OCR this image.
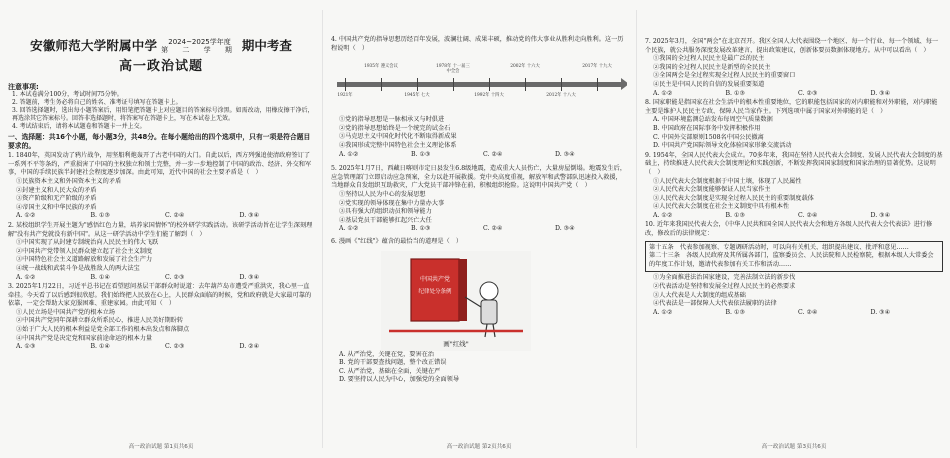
安徽师范大学附属中学	2024~2025学年度
第 二 学 期 期中考查
高一政治试题
注意事项:
1. 本试卷满分100分，考试时间75分钟。
2. 答题前，考生务必将自己的姓名、准考证号填写在答题卡上。
3. 回答选择题时，选出每小题答案后，用铅笔把答题卡上对应题目的答案标号涂黑。如需改动，用橡皮擦干净后，再选涂其它答案标号。回答非选择题时，将答案写在答题卡上，写在本试卷上无效。
4. 考试结束后，请将本试题卷和答题卡一并上交。
一、选择题：共16个小题，每小题3分，共48分。在每小题给出的四个选项中，只有一项是符合题目要求的。
1. 1840年，英国发动了鸦片战争，用坚船利炮轰开了古老中国的大门。自此以后，西方列强追使清政府签订了一系列不平等条约，严重损害了中国的主权独立和领土完整，并一步一步地控制了中国的政治、经济、外交和军事，中国的手续民族半封建社会程度逐步加深。由此可知，近代中国的社会主要矛盾是（　）
①民族资本主义和外国资本主义的矛盾
②封建主义和人民大众的矛盾
③资产阶级和无产阶级的矛盾
④帝国主义和中华民族的矛盾
A. ①②	B. ①③	C. ②④	D. ③④
2. 某校组织学生开展主题为"感悟红色力量，培养家国情怀"的校外研学实践活动。该研学活动旨在让学生深刻理解"没有共产党就没有新中国"。从这一研学活动中学生们能了解到（　）
①中国实现了从封建专制统治向人民民主的伟大飞跃
②中国共产党带领人民群众建立起了社会主义制度
③中国特色社会主义道路解放和发展了社会生产力
④统一战线和武装斗争是战胜敌人的两大法宝
A. ①②	B. ①④	C. ②③	D. ③④
3. 2025年1月22日，习近平总书记在看望慰问基层干部群众时说道：去年葫芦岛市遭受严重洪灾，我心里一直牵挂。今天看了以后感到很欣慰。我们始终把人民放在心上，人民群众面临的时候，党和政府就是大家最可靠的依靠，一定会帮助大家克服困难、重建家园。由此可知（　）
①人民立场是中国共产党的根本立场
②中国共产党同年深耕立群众所系民心，推进人民美好期盼转
③始于广大人民的根本利益是党全部工作的根本出发点和落脚点
④中国共产党是决定党和国家前途命运的根本力量
A. ①③	B. ①④	C. ②③	D. ②④
高一政治试题 第1页共6页
4. 中国共产党的指导思想历经百年发展，波澜壮阔、成果丰硕，推动党的伟大事业从胜利走向胜利。这一历程说明（　）
1921年
1935年 遵义会议
1945年 七大
1978年 十一届三中全会
1992年 十四大
2002年 十六大
2012年 十八大
2017年 十九大
①党的指导思想是一脉相承又与时俱进
②党的指导思想始终是一个统完的试金石
③马克思主义中国化时代化不断取得新成果
④我国形成完整中国特色社会主义理论体系
A. ①②	B. ①③	C. ②④	D. ③④
5. 2025年1月7日，西藏日喀则市定日县发生6.8级地震，造成重大人员伤亡，大量房屋倒塌。地震发生后，应急管理部门立即启动应急预案，全力以赴开展救援。党中央高度重视，解放军和武警部队迅速投入救援，当地群众自发组织互助救灾，广大党员干部冲锋在前，积极组织抢险。这说明中国共产党（　）
①坚持以人民为中心的发展思想
②党实现的领导体现在集中力量办大事
③具有强大的组织动员和领导能力
④基层党员干部能够扛起兴亡大任
A. ①②	B. ①③	C. ②④	D. ③④
6. 漫画《"红线"》蕴含的最恰当的道理是（　）
中国共产党
纪律处分条例
画"红线"
A. 从严治党，关键在党，要害在治
B. 党的干部要查找问题，整个改正错误
C. 从严治党，基础在全面，关键在严
D. 要坚持以人民为中心，加强党的全面领导
高一政治试题 第2页共6页
7. 2025年3月，全国"两会"在北京召开。我区全国人大代表围绕一个地区、每一个行业、每一个领域、每一个民族，就公共服务深度发展改革建言，提出政策建议，创新体要员数据体现地方。从中可以看出（　）
①我国的全过程人民民主是最广泛的民主
②我国的全过程人民民主是新型的全民民主
③全国两会是全过程实现全过程人民民主的重要窗口
④民主是中国人民的自信的发展重要渠道
A. ①②	B. ①③	C. ②③	D. ③④
8. 国家职能是指国家在社会生活中的根本性重要地位，它的职能包括国家的对内职能和对外职能，对内职能主要是维护人民民主专政、保障人民当家作主。下列选项中属于国家对外职能的是（　）
A. 中国环境监测总站发布每周空气质量数据
B. 中国政府在国际事务中发挥积极作用
C. 中国外交部原则1508名中国公民撤离
D. 中国共产党国际领导文化体验国家形象交流活动
9. 1954年，全国人民代表大会成立。70多年来，我国在坚持人民代表大会制度、发展人民代表大会制度的基础上，持续推进人民代表大会制度理论和实践创新，不断发挥我国国家制度和国家治理的显著优势。这说明（　）
①人民代表大会制度根据于中国土壤，体现了人民属性
②人民代表大会制度能够保证人民当家作主
③人民代表大会制度是实现全过程人民民主的重要制度载体
④人民代表大会制度在社会主义制度中具有根本性
A. ①②	B. ①③	C. ②④	D. ③④
10. 近年来我国民代表大会，《中华人民共和国全国人民代表大会和地方各级人民代表大会代表法》进行修改，修改后的法律规定：
第十五条　代表参加视察、专题调研活动时，可以向有关机关、组织提出建议、批评和意见……
第二十三条　各级人民政府及其所属各部门，监察委员会、人民法院和人民检察院，根据本级人大常委会的年度工作计划，邀请代表参加有关工作和活动……
①为全面推进法治国家建设，完善法制立法的新步伐
②代表活动是坚持和发展全过程人民民主的必然要求
③人大代表是人大制度的组成基础
④代表法是一部保障人大代表依法履职的法律
A. ①②	B. ①③	C. ②④	D. ③④
高一政治试题 第3页共6页
